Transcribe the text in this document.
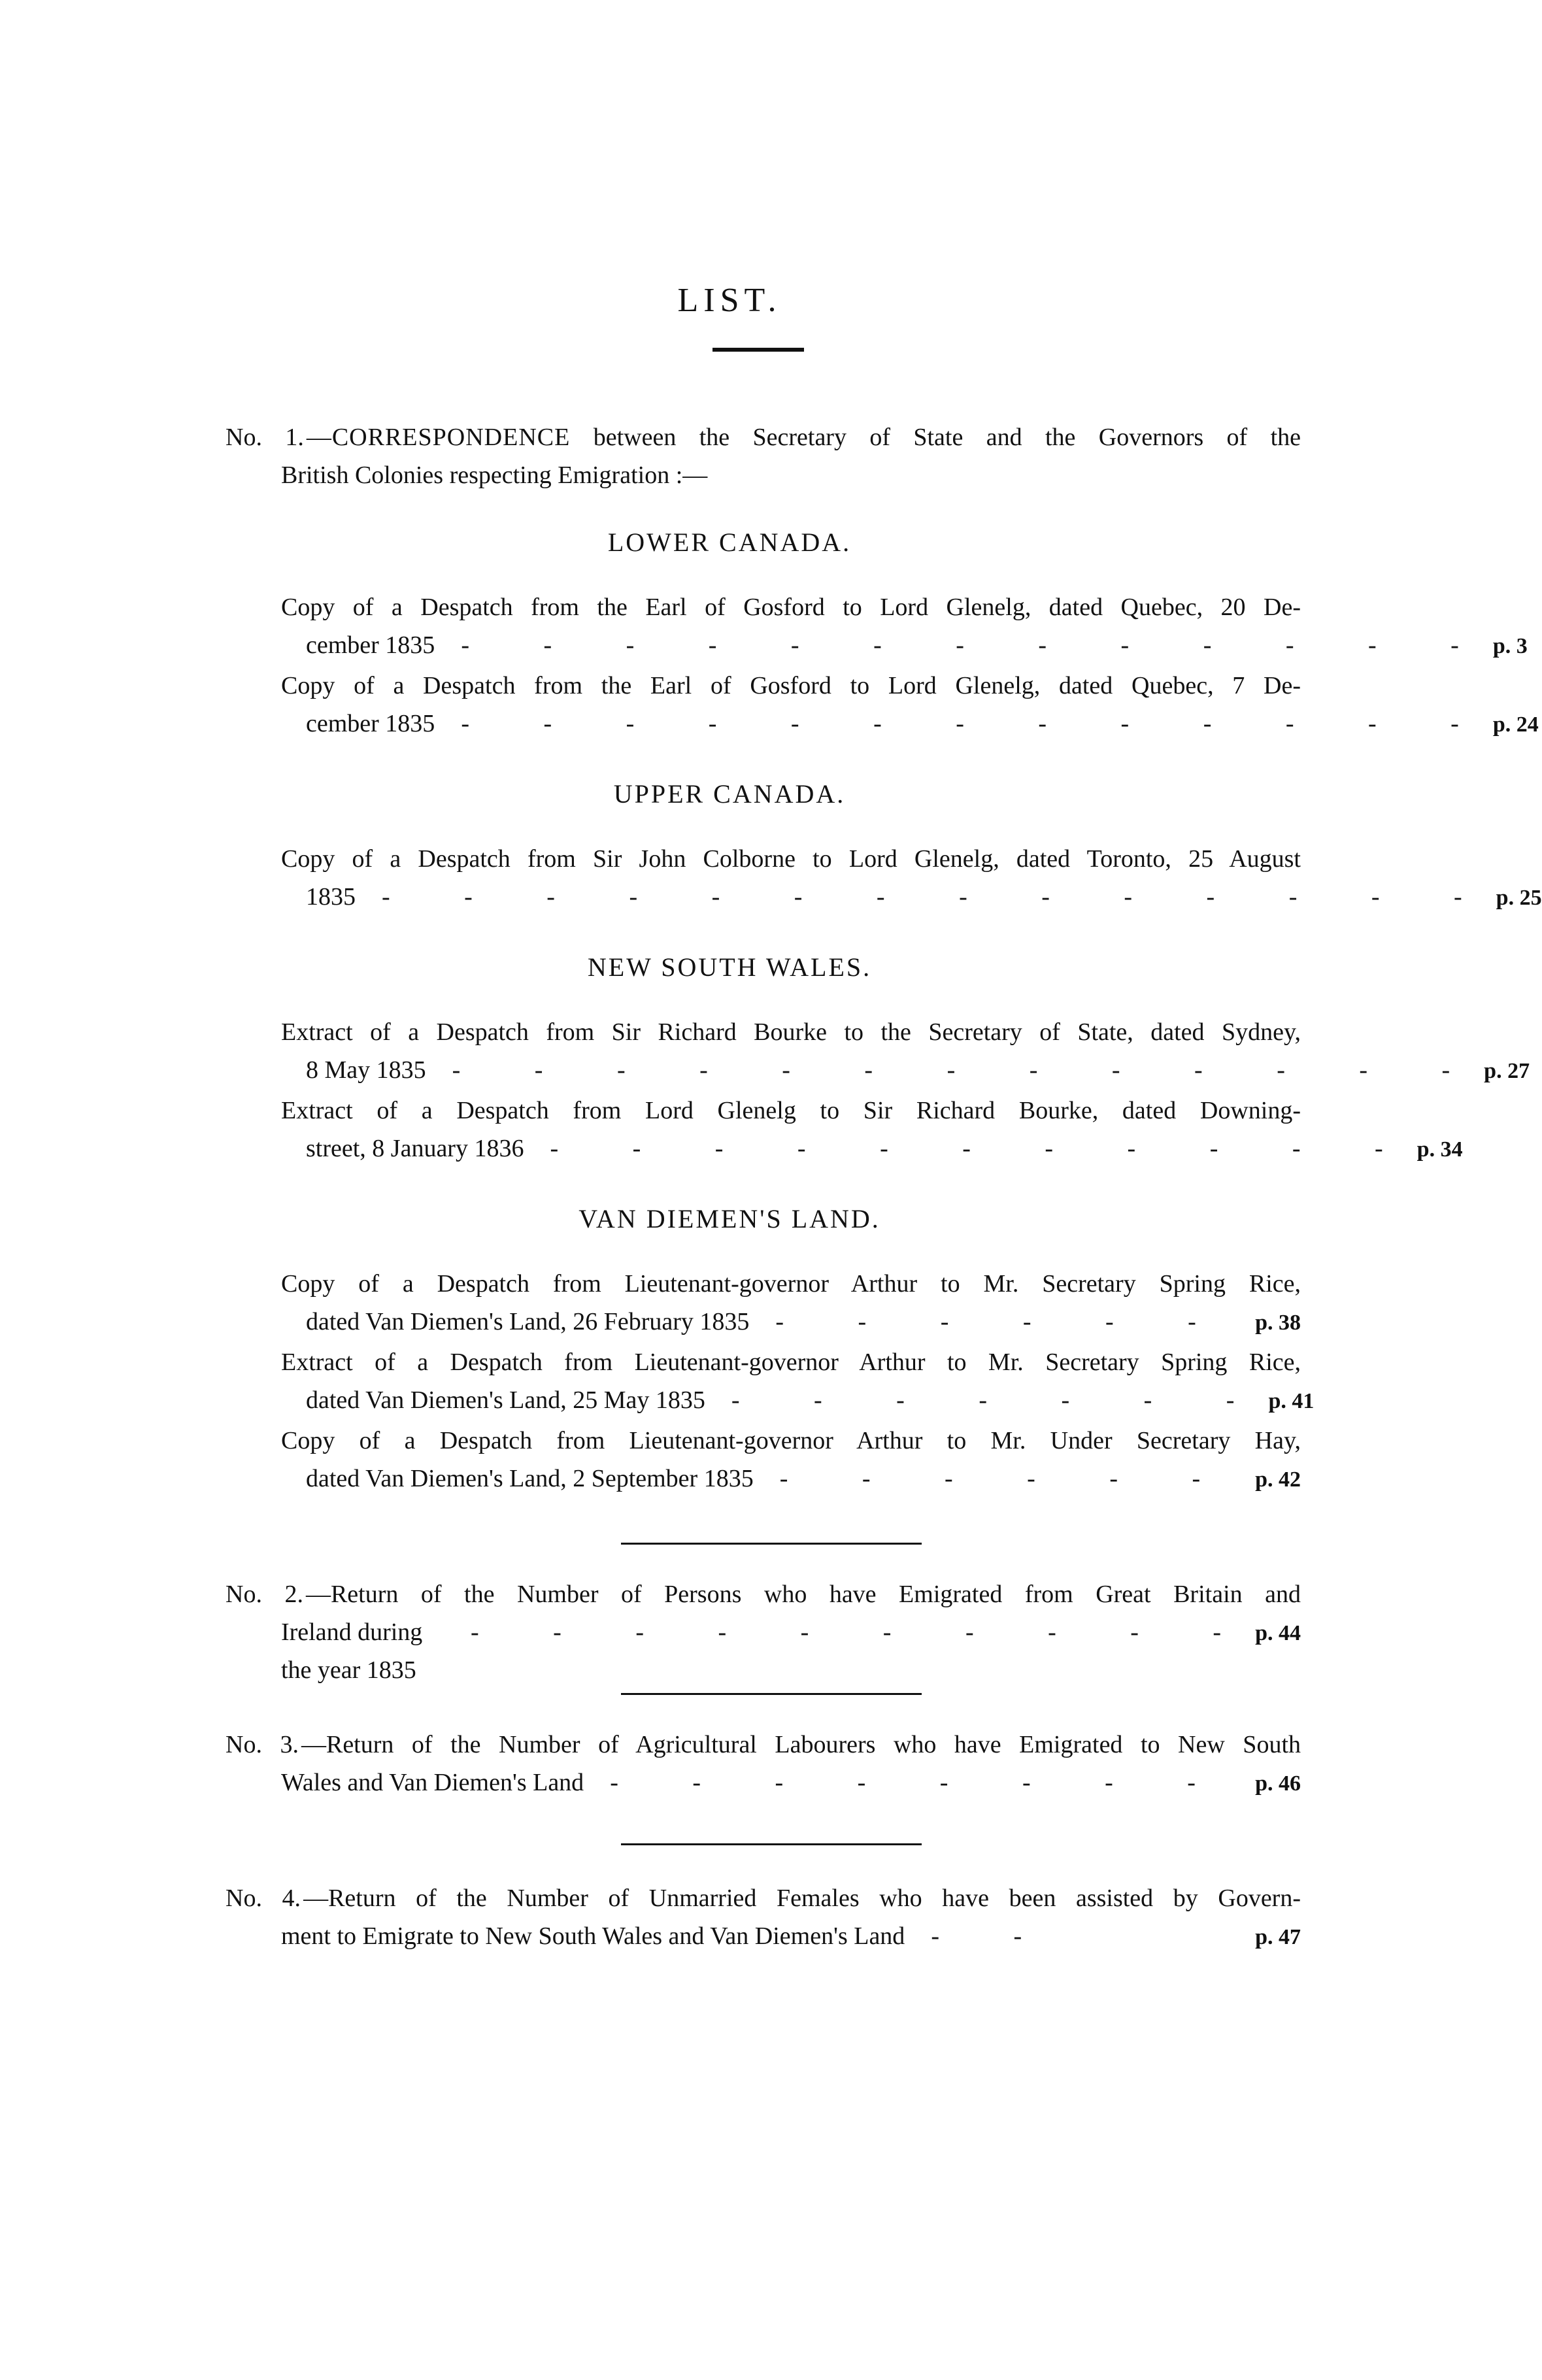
LIST.
No. 1. —CORRESPONDENCE between the Secretary of State and the Governors of the
British Colonies respecting Emigration :—
LOWER CANADA.
Copy of a Despatch from the Earl of Gosford to Lord Glenelg, dated Quebec, 20 De-
cember 1835	- - - - - - - - - - - - - p. 3
Copy of a Despatch from the Earl of Gosford to Lord Glenelg, dated Quebec, 7 De-
cember 1835	- - - - - - - - - - - - - p. 24
UPPER CANADA.
Copy of a Despatch from Sir John Colborne to Lord Glenelg, dated Toronto, 25 August
1835	- - - - - - - - - - - - - - p. 25
NEW SOUTH WALES.
Extract of a Despatch from Sir Richard Bourke to the Secretary of State, dated Sydney,
8 May 1835	- - - - - - - - - - - - - p. 27
Extract of a Despatch from Lord Glenelg to Sir Richard Bourke, dated Downing-
street, 8 January 1836	- - - - - - - - - - - p. 34
VAN DIEMEN'S LAND.
Copy of a Despatch from Lieutenant-governor Arthur to Mr. Secretary Spring Rice,
dated Van Diemen's Land, 26 February 1835	- - - - - -	p. 38
Extract of a Despatch from Lieutenant-governor Arthur to Mr. Secretary Spring Rice,
dated Van Diemen's Land, 25 May 1835	- - - - - - - p. 41
Copy of a Despatch from Lieutenant-governor Arthur to Mr. Under Secretary Hay,
dated Van Diemen's Land, 2 September 1835	- - - - - - p. 42
No. 2. —Return of the Number of Persons who have Emigrated from Great Britain and
Ireland during the year 1835
- - - - - - - - - - p. 44
No. 3. —Return of the Number of Agricultural Labourers who have Emigrated to New South
Wales and Van Diemen's Land	- - - - - - - -	p. 46
No. 4. —Return of the Number of Unmarried Females who have been assisted by Govern-
ment to Emigrate to New South Wales and Van Diemen's Land	- -	p. 47
